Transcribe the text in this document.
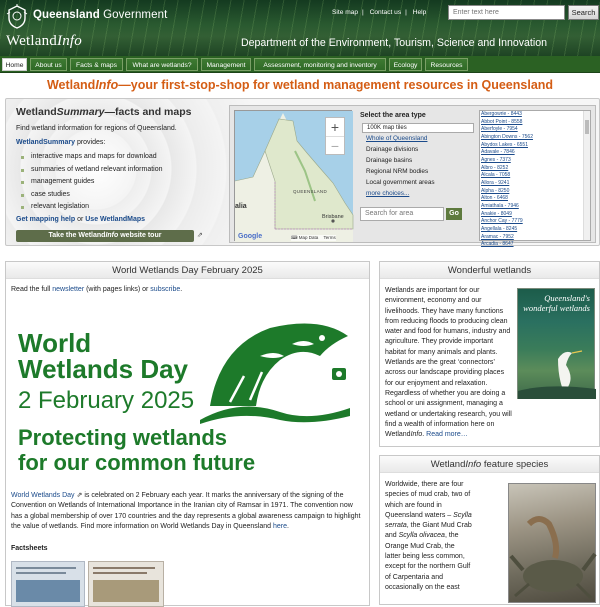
Queensland Government
WetlandInfo
Site map | Contact us | Help
Enter text here	Search
Department of the Environment, Tourism, Science and Innovation
Home	About us	Facts & maps	What are wetlands?	Management	Assessment, monitoring and inventory	Ecology	Resources
WetlandInfo—your first-stop-shop for wetland management resources in Queensland
WetlandSummary—facts and maps
Find wetland information for regions of Queensland.
WetlandSummary provides:
interactive maps and maps for download
summaries of wetland relevant information
management guides
case studies
relevant legislation
Get mapping help or Use WetlandMaps
Take the WetlandInfo website tour	⇗
QUEENSLAND
alia
Brisbane
+
−
Google	⌨ Map Data Terms
Select the area type
100K map tiles
Whole of Queensland
Drainage divisions
Drainage basins
Regional NRM bodies
Local government areas
more choices...
Search for area	Go
Abergowrie - 8443
Abbot Point - 8558
Aberfoyle - 7954
Abington Downs - 7562
Abydos Lakes - 6551
Adavale - 7846
Agnes - 7373
Albro - 8252
Alcala - 7058
Allora - 9241
Alpha - 8250
Alton - 6468
Amiathala - 7946
Anakie - 8049
Anchor Cay - 7779
Angellala - 8245
Aramac - 7952
Arcadia - 8647
World Wetlands Day February 2025
Read the full newsletter (with pages links) or subscribe.
World
Wetlands Day
2 February 2025
Protecting wetlands
for our common future
World Wetlands Day ⇗ is celebrated on 2 February each year. It marks the anniversary of the signing of the Convention on Wetlands of International Importance in the Iranian city of Ramsar in 1971. The convention now has a global membership of over 170 countries and the day represents a global awareness campaign to highlight the value of wetlands. Find more information on World Wetlands Day in Queensland here.
Factsheets
Wonderful wetlands
Wetlands are important for our environment, economy and our livelihoods. They have many functions from reducing floods to producing clean water and food for humans, industry and agriculture. They provide important habitat for many animals and plants. Wetlands are the great ‘connectors’ across our landscape providing places for our enjoyment and relaxation. Regardless of whether you are doing a school or uni assignment, managing a wetland or undertaking research, you will find a wealth of information here on WetlandInfo. Read more…
Queensland's wonderful wetlands
WetlandInfo feature species
Worldwide, there are four species of mud crab, two of which are found in Queensland waters – Scylla serrata, the Giant Mud Crab and Scylla olivacea, the Orange Mud Crab, the latter being less common, except for the northern Gulf of Carpentaria and occasionally on the east
